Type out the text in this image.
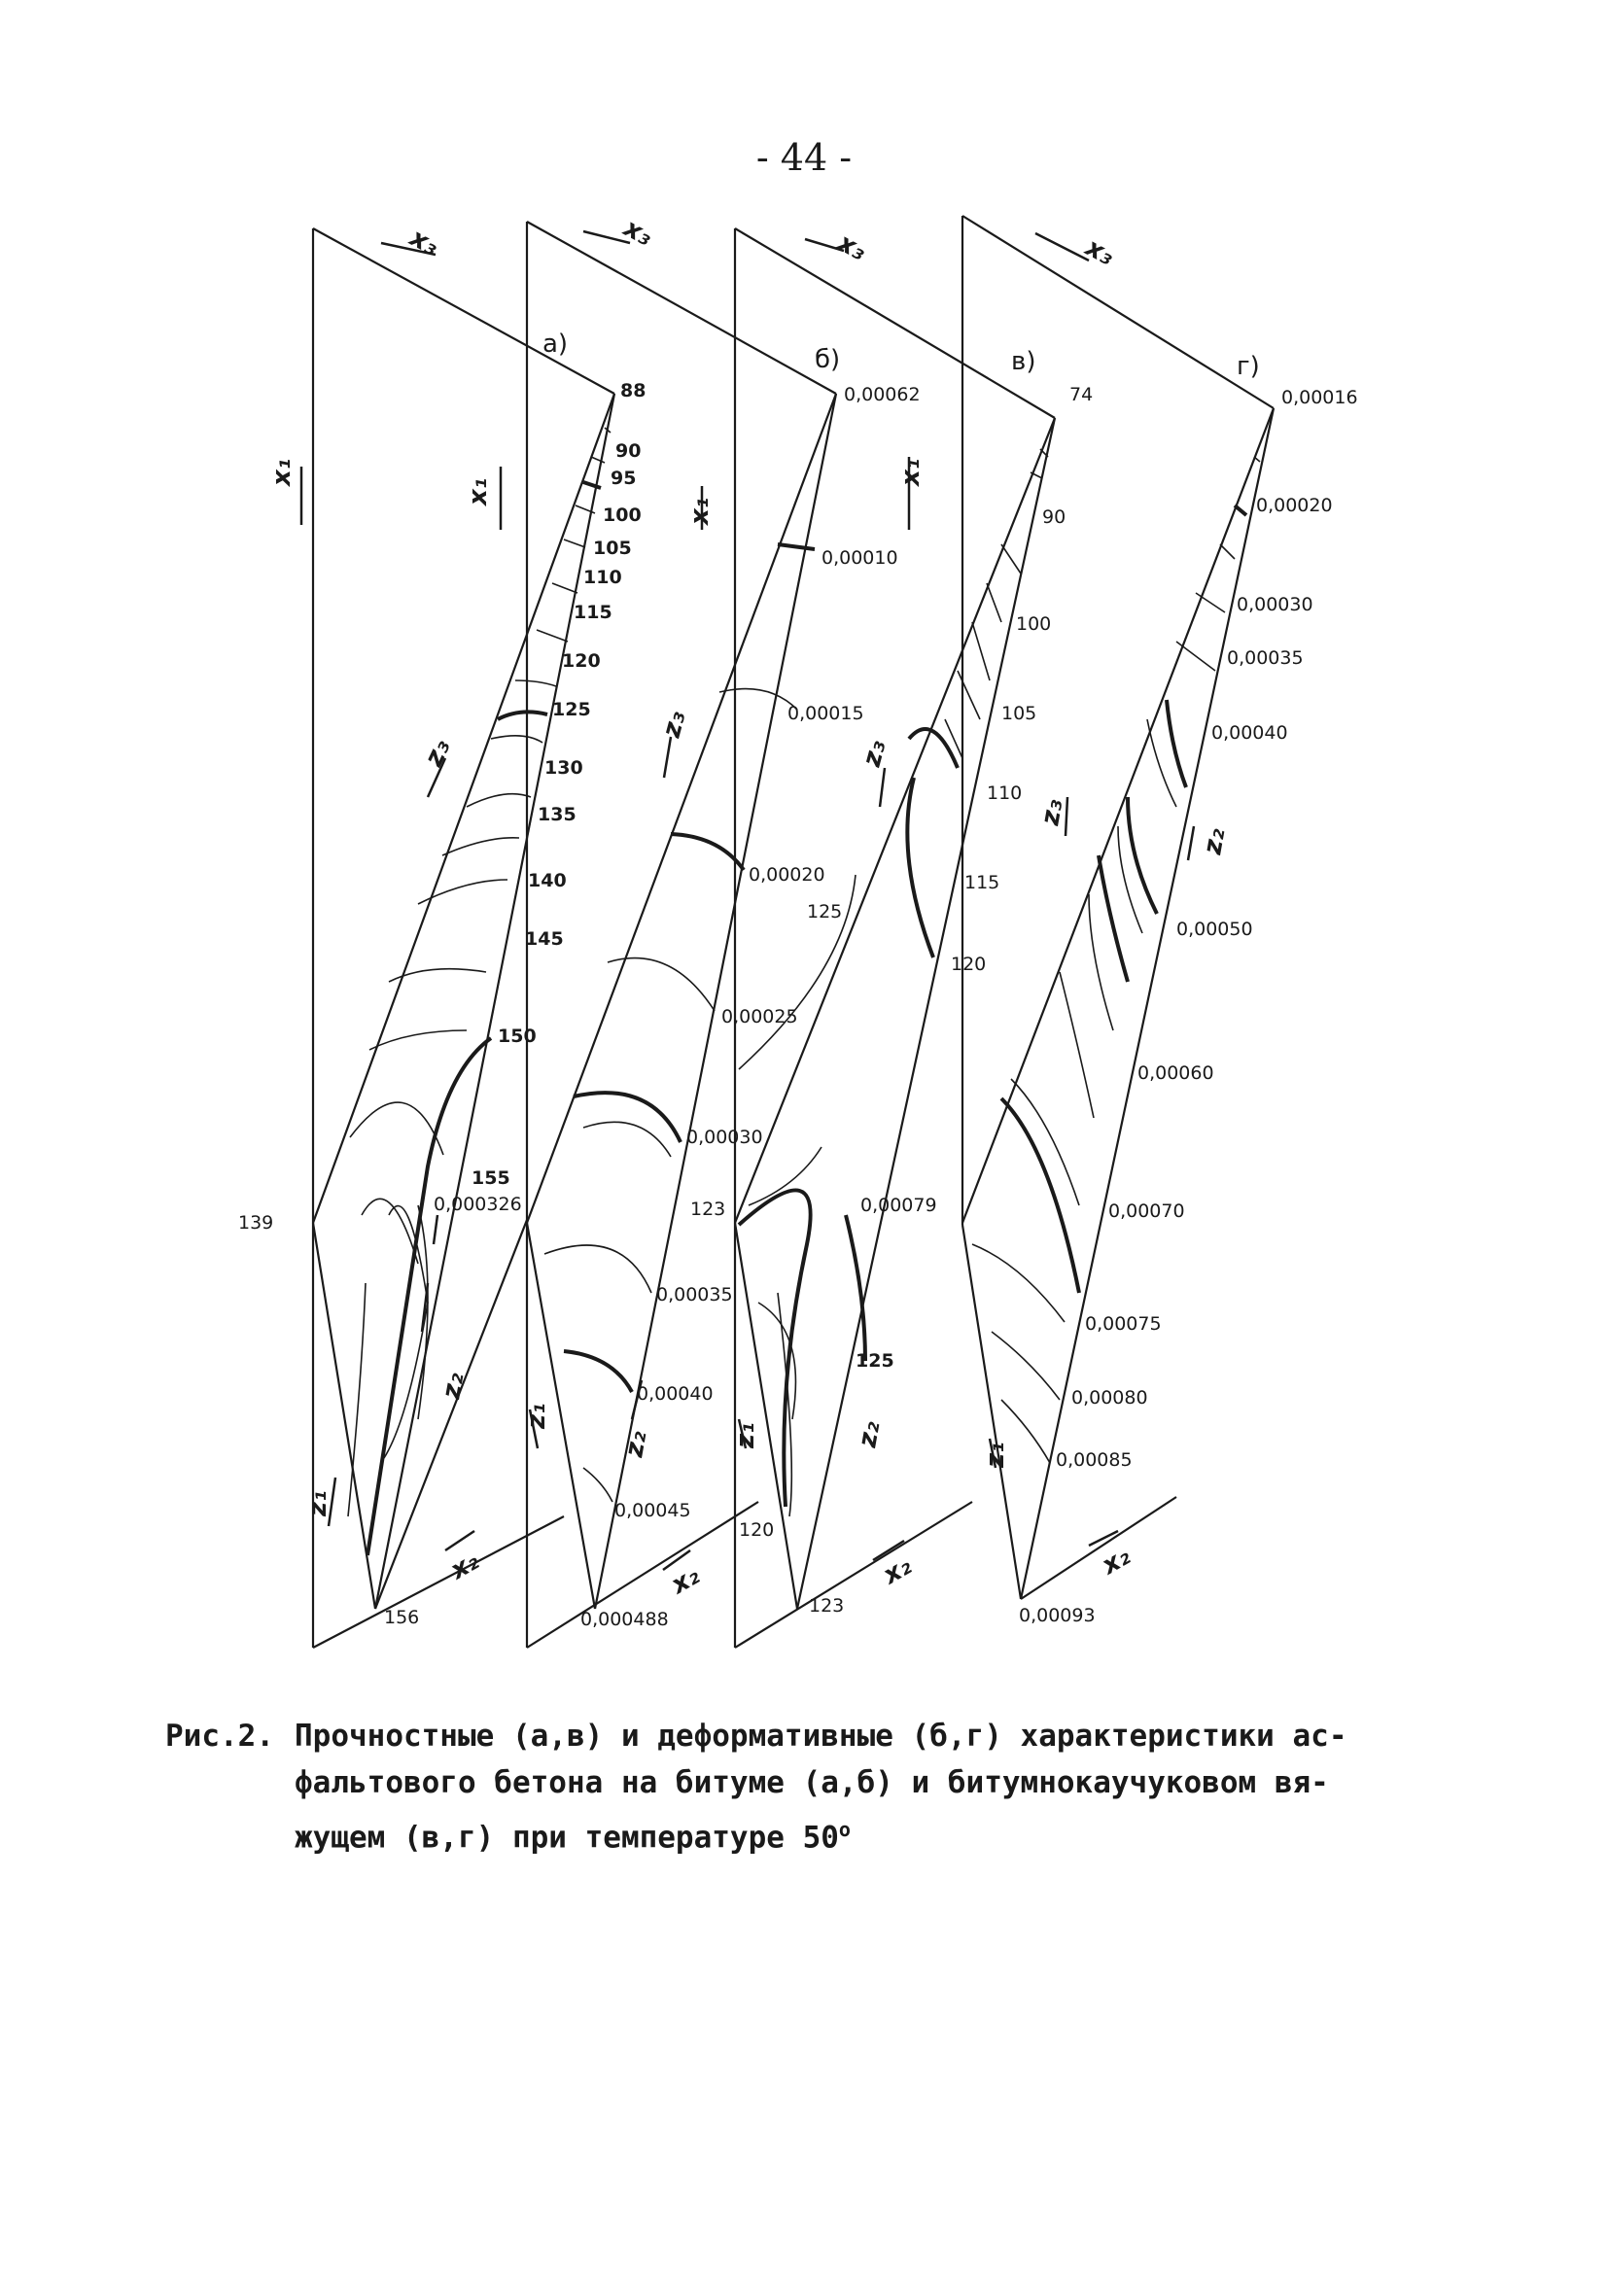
- 44 -
x₃	x₃	x₃	x₃
x₁
x₁
x₁
x₁
z₃
z₃
z₃
z₃
z₂
z₂	z₂
z₂
z₁
z₁
z₁
z₁
x₂	x₂	x₂	x₂
а)
б)	в)	г)
88
156
139
0,000326
90
95
100
105
110
115
120
125
130
135
140
145
150
155
0,00062
0,000488
0,00010
0,00015
0,00020
0,00025
0,00030
0,00035
0,00040
0,00045
74
123
123
120
90
100
105
110
115
120
125
0,00079
125
0,00016
0,00093
0,00020
0,00030
0,00035
0,00040
0,00050
0,00060
0,00070
0,00075
0,00080
0,00085
Рис.2. Прочностные (а,в) и деформативные (б,г) характеристики ас-
фальтового бетона на битуме (а,б) и битумнокаучуковом вя-
жущем (в,г) при температуре $50^о$
